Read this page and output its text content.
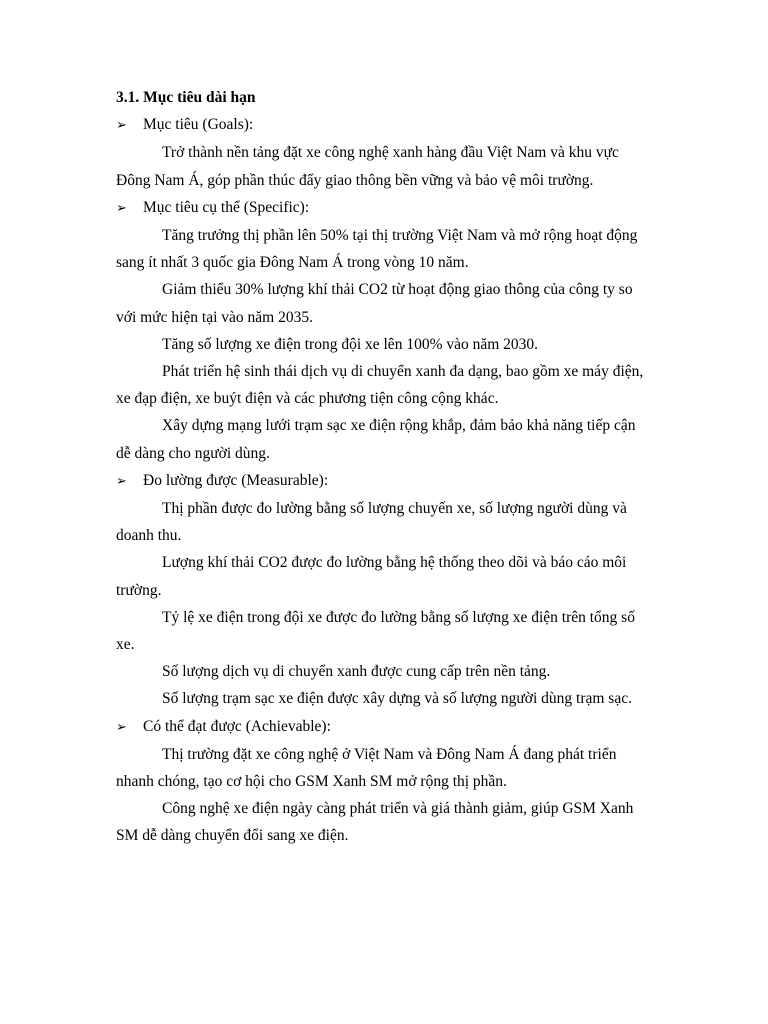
3.1. Mục tiêu dài hạn

➢	Mục tiêu (Goals):

Trở thành nền tảng đặt xe công nghệ xanh hàng đầu Việt Nam và khu vực Đông Nam Á, góp phần thúc đẩy giao thông bền vững và bảo vệ môi trường.

➢	Mục tiêu cụ thể (Specific):

Tăng trưởng thị phần lên 50% tại thị trường Việt Nam và mở rộng hoạt động sang ít nhất 3 quốc gia Đông Nam Á trong vòng 10 năm.

Giảm thiểu 30% lượng khí thải CO2 từ hoạt động giao thông của công ty so với mức hiện tại vào năm 2035.

Tăng số lượng xe điện trong đội xe lên 100% vào năm 2030.

Phát triển hệ sinh thái dịch vụ di chuyển xanh đa dạng, bao gồm xe máy điện, xe đạp điện, xe buýt điện và các phương tiện công cộng khác.

Xây dựng mạng lưới trạm sạc xe điện rộng khắp, đảm bảo khả năng tiếp cận dễ dàng cho người dùng.

➢	Đo lường được (Measurable):

Thị phần được đo lường bằng số lượng chuyến xe, số lượng người dùng và doanh thu.

Lượng khí thải CO2 được đo lường bằng hệ thống theo dõi và báo cáo môi trường.

Tỷ lệ xe điện trong đội xe được đo lường bằng số lượng xe điện trên tổng số xe.

Số lượng dịch vụ di chuyển xanh được cung cấp trên nền tảng.

Số lượng trạm sạc xe điện được xây dựng và số lượng người dùng trạm sạc.

➢	Có thể đạt được (Achievable):

Thị trường đặt xe công nghệ ở Việt Nam và Đông Nam Á đang phát triển nhanh chóng, tạo cơ hội cho GSM Xanh SM mở rộng thị phần.

Công nghệ xe điện ngày càng phát triển và giá thành giảm, giúp GSM Xanh SM dễ dàng chuyển đổi sang xe điện.
